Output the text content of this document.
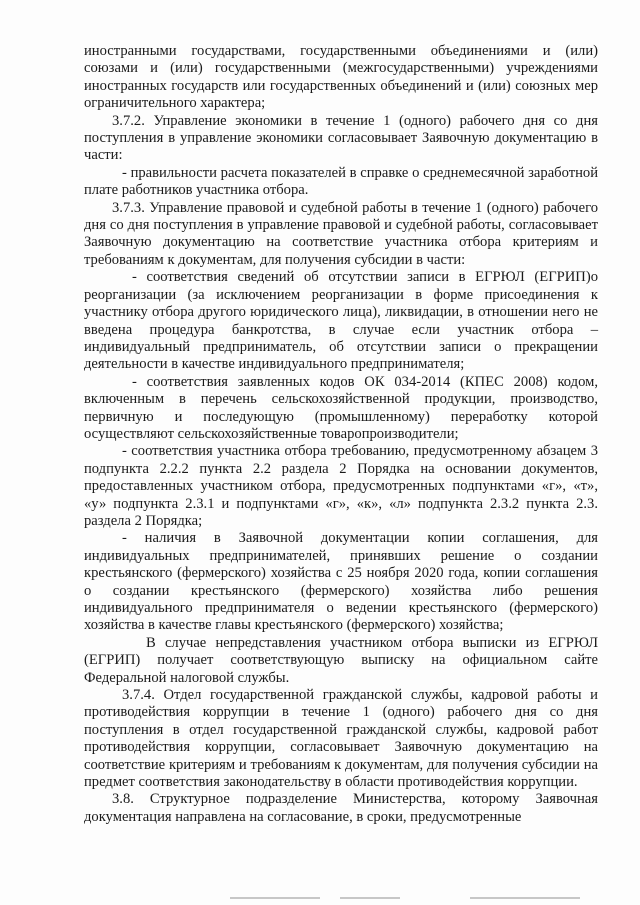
иностранными государствами, государственными объединениями и (или) союзами и (или) государственными (межгосударственными) учреждениями иностранных государств или государственных объединений и (или) союзных мер ограничительного характера;

3.7.2. Управление экономики в течение 1 (одного) рабочего дня со дня поступления в управление экономики согласовывает Заявочную документацию в части:

- правильности расчета показателей в справке о среднемесячной заработной плате работников участника отбора.

3.7.3. Управление правовой и судебной работы в течение 1 (одного) рабочего дня со дня поступления в управление правовой и судебной работы, согласовывает Заявочную документацию на соответствие участника отбора критериям и требованиям к документам, для получения субсидии в части:

- соответствия сведений об отсутствии записи в ЕГРЮЛ (ЕГРИП)о реорганизации (за исключением реорганизации в форме присоединения к участнику отбора другого юридического лица), ликвидации, в отношении него не введена процедура банкротства, в случае если участник отбора – индивидуальный предприниматель, об отсутствии записи о прекращении деятельности в качестве индивидуального предпринимателя;

- соответствия заявленных кодов ОК 034-2014 (КПЕС 2008) кодом, включенным в перечень сельскохозяйственной продукции, производство, первичную и последующую (промышленному) переработку которой осуществляют сельскохозяйственные товаропроизводители;

- соответствия участника отбора требованию, предусмотренному абзацем 3 подпункта 2.2.2 пункта 2.2 раздела 2 Порядка на основании документов, предоставленных участником отбора, предусмотренных подпунктами «г», «т», «у» подпункта 2.3.1 и подпунктами «г», «к», «л» подпункта 2.3.2 пункта 2.3. раздела 2 Порядка;

- наличия в Заявочной документации копии соглашения, для индивидуальных предпринимателей, принявших решение о создании крестьянского (фермерского) хозяйства с 25 ноября 2020 года, копии соглашения о создании крестьянского (фермерского) хозяйства либо решения индивидуального предпринимателя о ведении крестьянского (фермерского) хозяйства в качестве главы крестьянского (фермерского) хозяйства;

В случае непредставления участником отбора выписки из ЕГРЮЛ (ЕГРИП) получает соответствующую выписку на официальном сайте Федеральной налоговой службы.

3.7.4. Отдел государственной гражданской службы, кадровой работы и противодействия коррупции в течение 1 (одного) рабочего дня со дня поступления в отдел государственной гражданской службы, кадровой работ противодействия коррупции, согласовывает Заявочную документацию на соответствие критериям и требованиям к документам, для получения субсидии на предмет соответствия законодательству в области противодействия коррупции.

3.8. Структурное подразделение Министерства, которому Заявочная документация направлена на согласование, в сроки, предусмотренные
